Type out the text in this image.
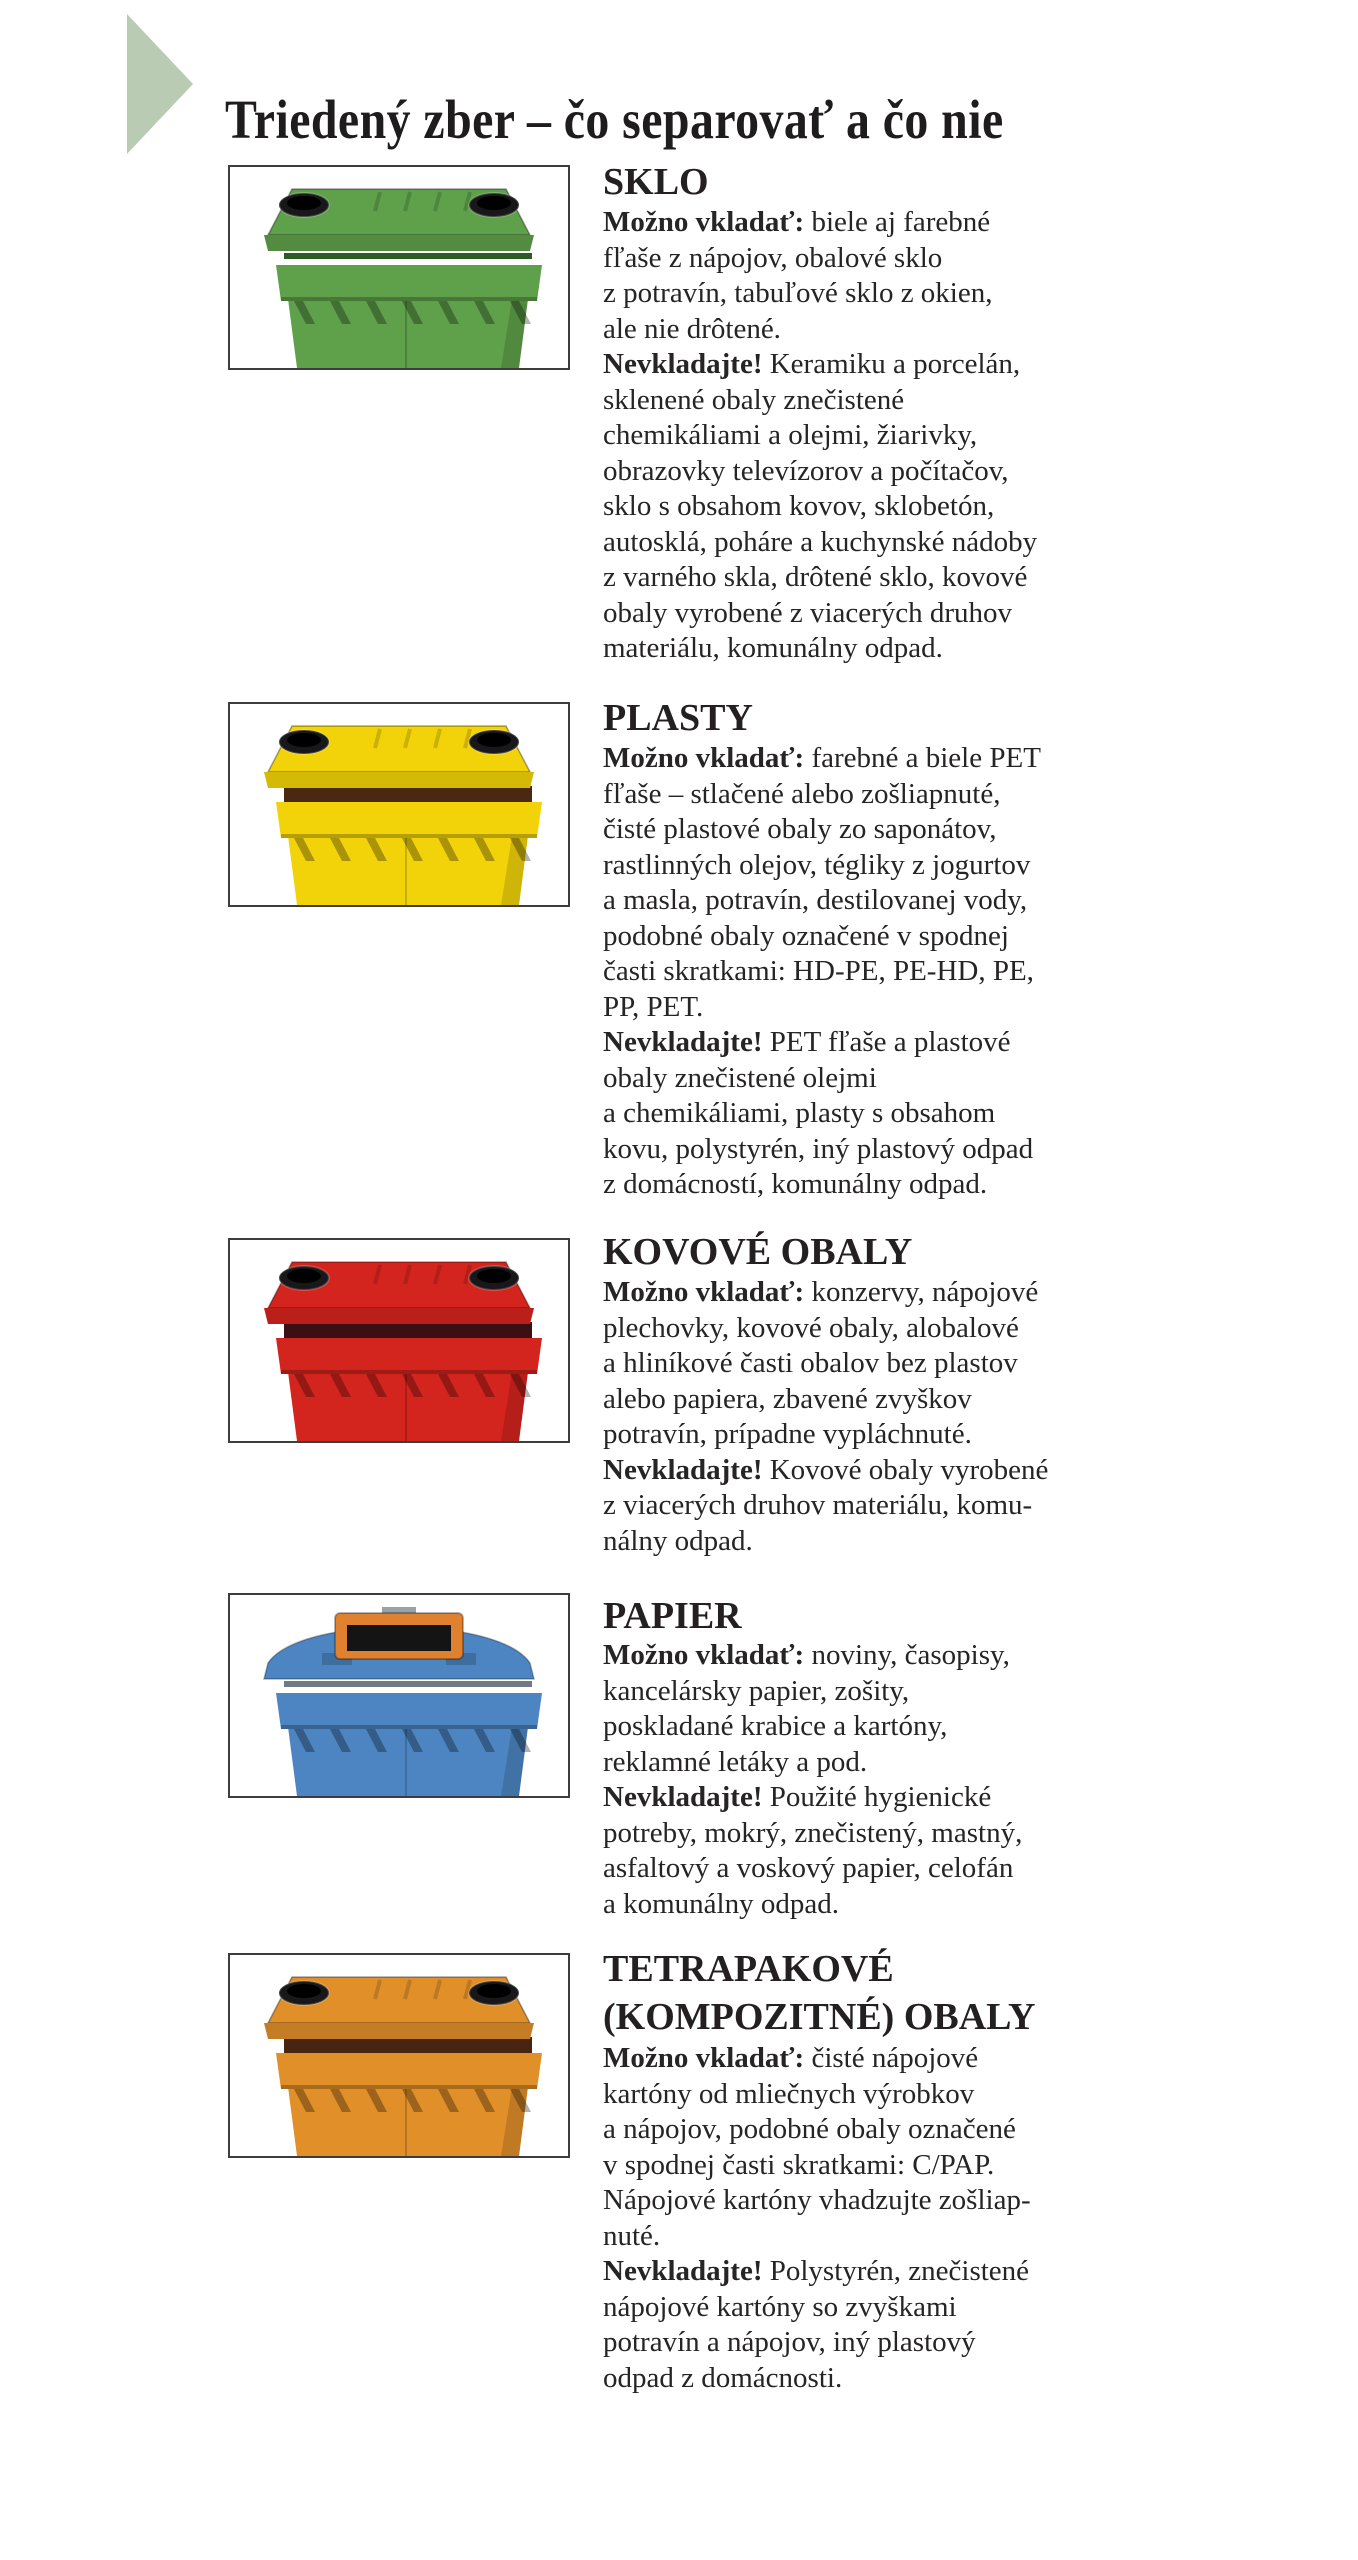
Triedený zber – čo separovať a čo nie
SKLO
Možno vkladať: biele aj farebné
fľaše z nápojov, obalové sklo
z potravín, tabuľové sklo z okien,
ale nie drôtené.
Nevkladajte! Keramiku a porcelán,
sklenené obaly znečistené
chemikáliami a olejmi, žiarivky,
obrazovky televízorov a počítačov,
sklo s obsahom kovov, sklobetón,
autosklá, poháre a kuchynské nádoby
z varného skla, drôtené sklo, kovové
obaly vyrobené z viacerých druhov
materiálu, komunálny odpad.
PLASTY
Možno vkladať: farebné a biele PET
fľaše – stlačené alebo zošliapnuté,
čisté plastové obaly zo saponátov,
rastlinných olejov, tégliky z jogurtov
a masla, potravín, destilovanej vody,
podobné obaly označené v spodnej
časti skratkami: HD-PE, PE-HD, PE,
PP, PET.
Nevkladajte! PET fľaše a plastové
obaly znečistené olejmi
a chemikáliami, plasty s obsahom
kovu, polystyrén, iný plastový odpad
z domácností, komunálny odpad.
KOVOVÉ OBALY
Možno vkladať: konzervy, nápojové
plechovky, kovové obaly, alobalové
a hliníkové časti obalov bez plastov
alebo papiera, zbavené zvyškov
potravín, prípadne vypláchnuté.
Nevkladajte! Kovové obaly vyrobené
z viacerých druhov materiálu, komu-
nálny odpad.
PAPIER
Možno vkladať: noviny, časopisy,
kancelársky papier, zošity,
poskladané krabice a kartóny,
reklamné letáky a pod.
Nevkladajte! Použité hygienické
potreby, mokrý, znečistený, mastný,
asfaltový a voskový papier, celofán
a komunálny odpad.
TETRAPAKOVÉ
(KOMPOZITNÉ) OBALY
Možno vkladať: čisté nápojové
kartóny od mliečnych výrobkov
a nápojov, podobné obaly označené
v spodnej časti skratkami: C/PAP.
Nápojové kartóny vhadzujte zošliap-
nuté.
Nevkladajte! Polystyrén, znečistené
nápojové kartóny so zvyškami
potravín a nápojov, iný plastový
odpad z domácnosti.
